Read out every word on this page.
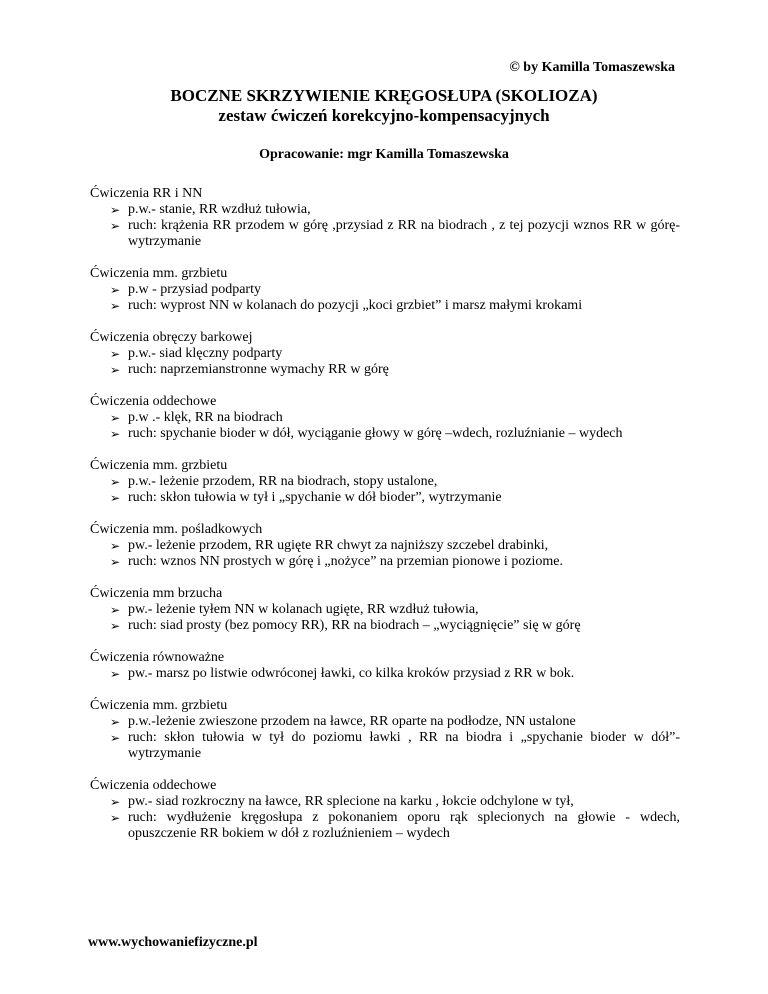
© by Kamilla Tomaszewska

BOCZNE SKRZYWIENIE KRĘGOSŁUPA (SKOLIOZA)

zestaw ćwiczeń korekcyjno-kompensacyjnych

Opracowanie: mgr Kamilla Tomaszewska

Ćwiczenia RR i NN

➢ p.w.- stanie, RR wzdłuż tułowia,
➢ ruch: krążenia RR przodem w górę ,przysiad z RR na biodrach , z tej pozycji wznos RR w górę-wytrzymanie

Ćwiczenia mm. grzbietu

➢ p.w - przysiad podparty
➢ ruch: wyprost NN w kolanach do pozycji „koci grzbiet” i marsz małymi krokami

Ćwiczenia obręczy barkowej

➢ p.w.- siad klęczny podparty
➢ ruch: naprzemianstronne wymachy RR w górę

Ćwiczenia oddechowe

➢ p.w .- klęk, RR na biodrach
➢ ruch: spychanie bioder w dół, wyciąganie głowy w górę –wdech, rozluźnianie – wydech

Ćwiczenia mm. grzbietu

➢ p.w.- leżenie przodem, RR na biodrach, stopy ustalone,
➢ ruch: skłon tułowia w tył i „spychanie w dół bioder”, wytrzymanie

Ćwiczenia mm. pośladkowych

➢ pw.- leżenie przodem, RR ugięte RR chwyt za najniższy szczebel drabinki,
➢ ruch: wznos NN prostych w górę i „nożyce” na przemian pionowe i poziome.

Ćwiczenia mm brzucha

➢ pw.- leżenie tyłem NN w kolanach ugięte, RR wzdłuż tułowia,
➢ ruch: siad prosty (bez pomocy RR), RR na biodrach – „wyciągnięcie” się w górę

Ćwiczenia równoważne

➢ pw.- marsz po listwie odwróconej ławki, co kilka kroków przysiad z RR w bok.

Ćwiczenia mm. grzbietu

➢ p.w.-leżenie zwieszone przodem na ławce, RR oparte na podłodze, NN ustalone
➢ ruch: skłon tułowia w tył do poziomu ławki , RR na biodra i „spychanie bioder w dół”- wytrzymanie

Ćwiczenia oddechowe

➢ pw.- siad rozkroczny na ławce, RR splecione na karku , łokcie odchylone w tył,
➢ ruch: wydłużenie kręgosłupa z pokonaniem oporu rąk splecionych na głowie - wdech, opuszczenie RR bokiem w dół z rozluźnieniem – wydech
www.wychowaniefizyczne.pl
